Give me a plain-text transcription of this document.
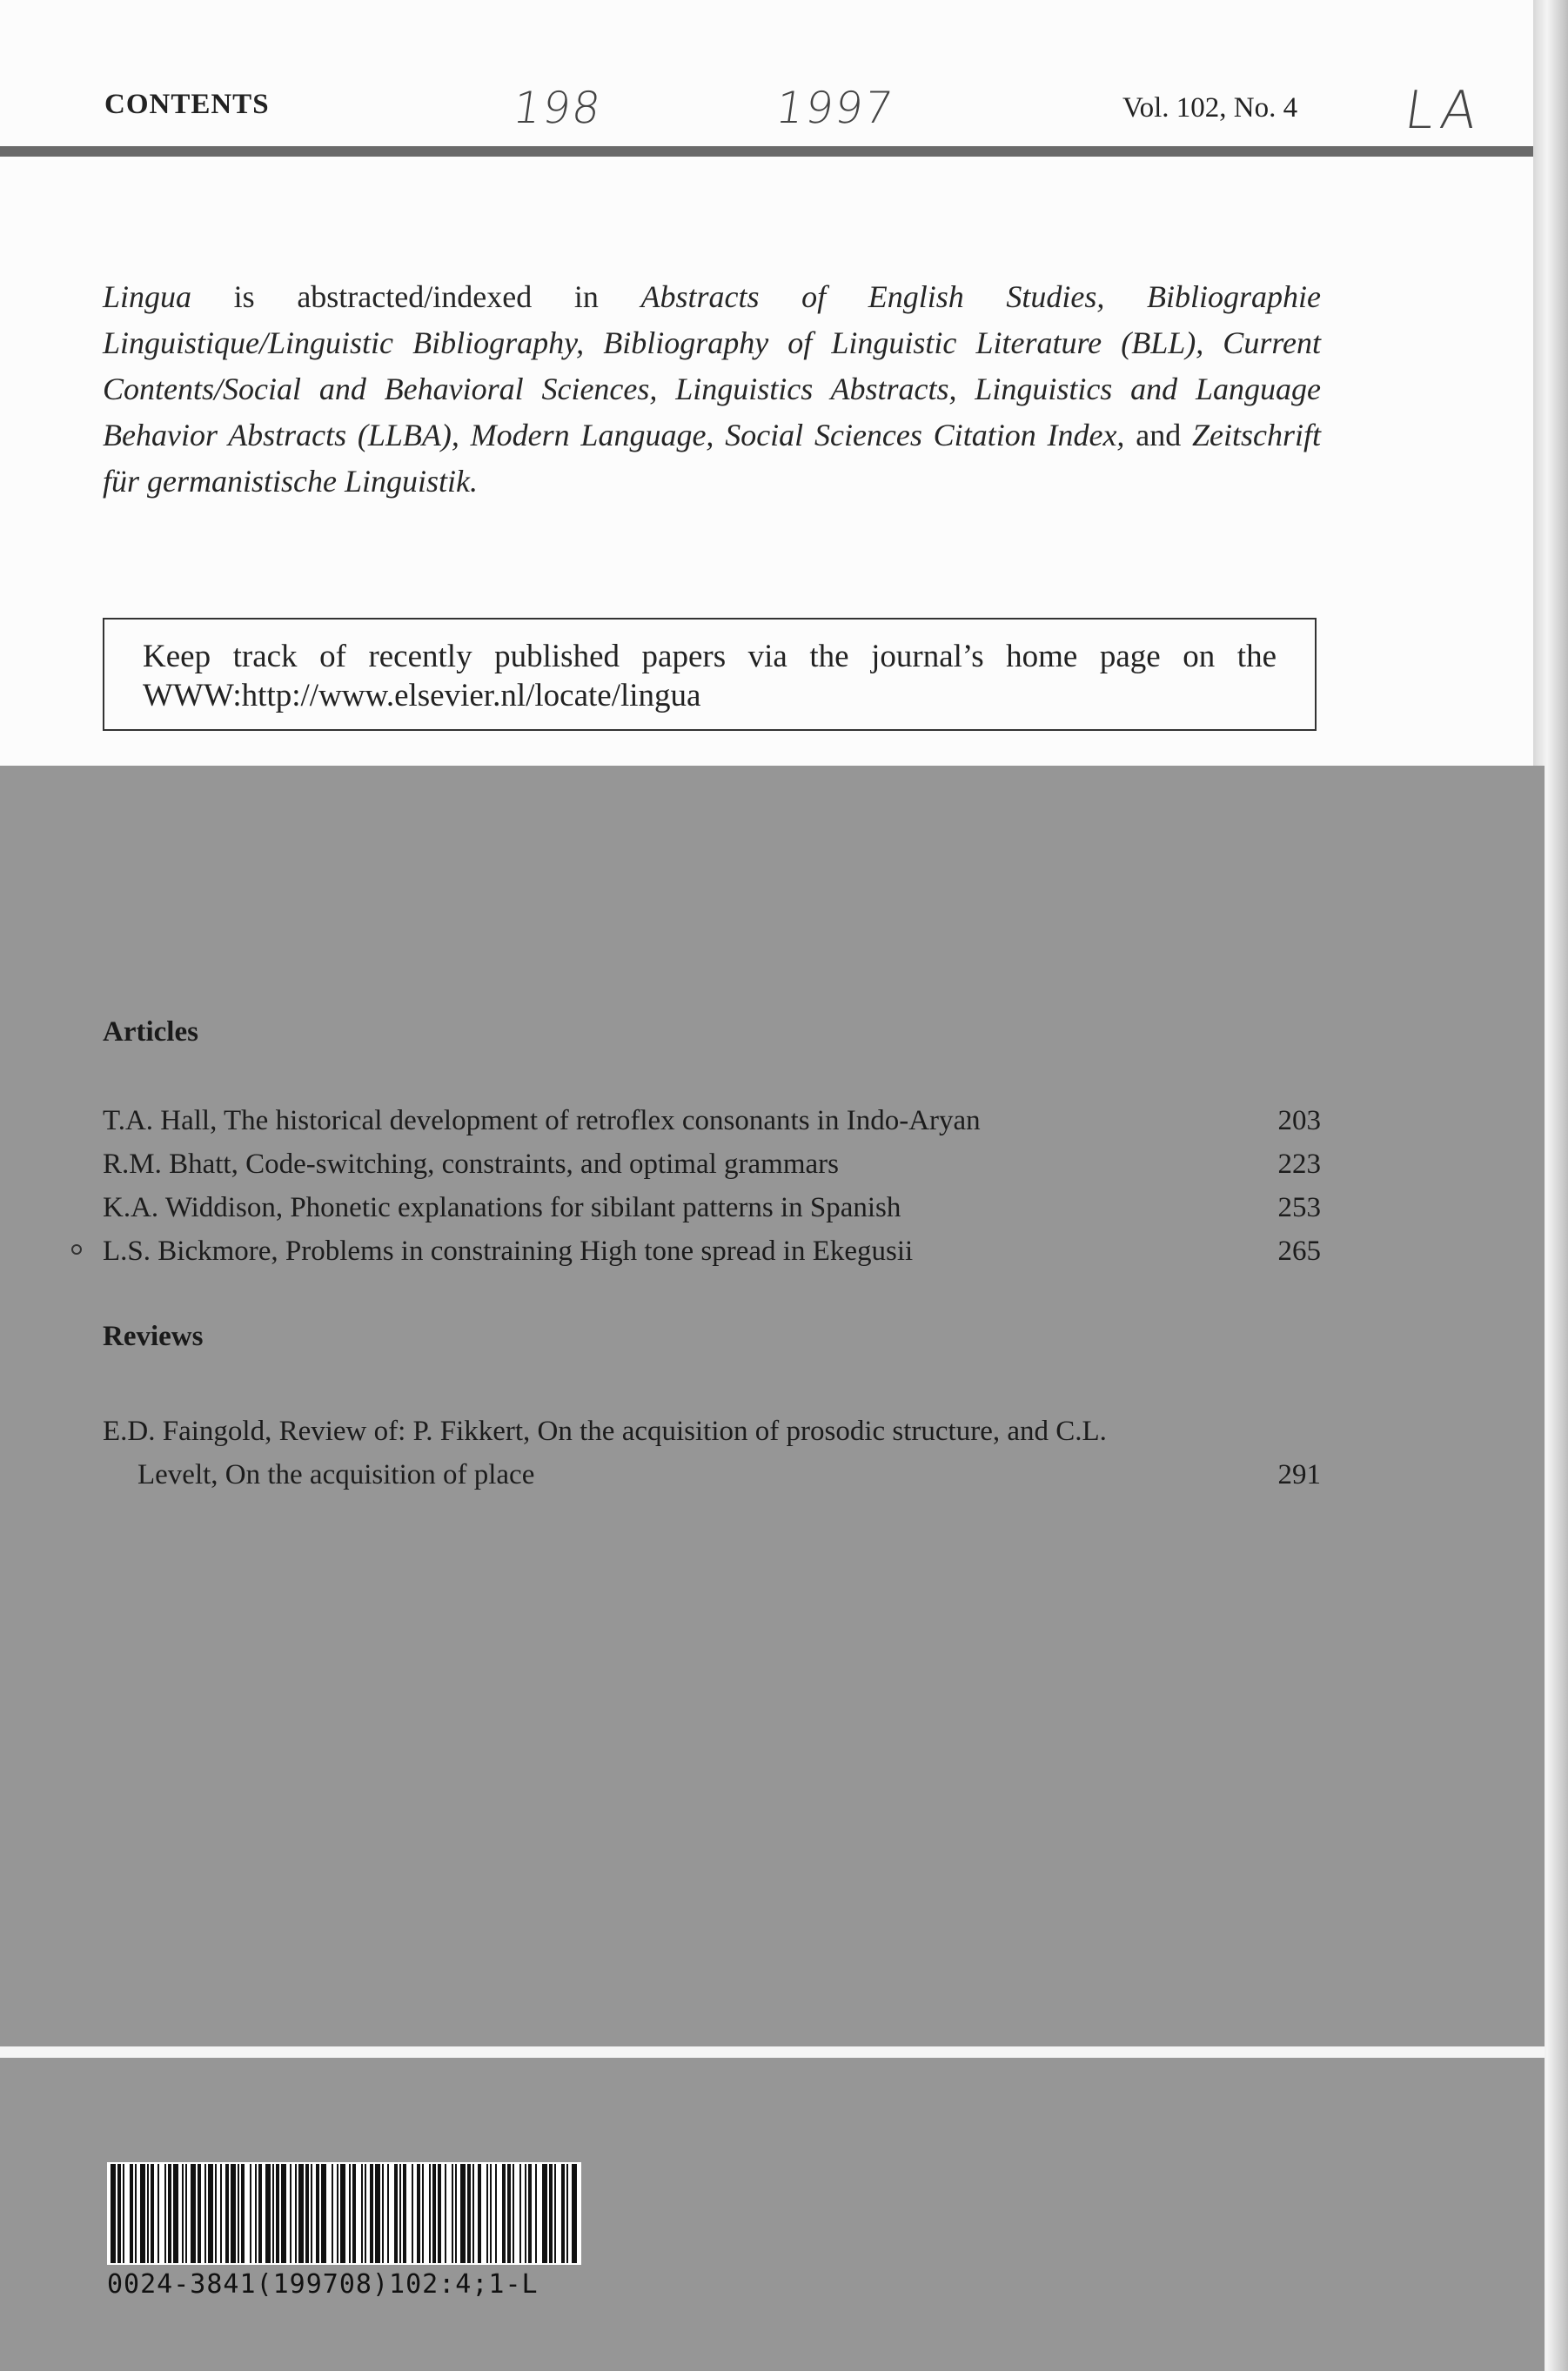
CONTENTS	198	1997	Vol. 102, No. 4 LA

Lingua is abstracted/indexed in Abstracts of English Studies, Bibliographie Linguistique/Linguistic Bibliography, Bibliography of Linguistic Literature (BLL), Current Contents/Social and Behavioral Sciences, Linguistics Abstracts, Linguistics and Language Behavior Abstracts (LLBA), Modern Language, Social Sciences Citation Index, and Zeitschrift für germanistische Linguistik.

Keep track of recently published papers via the journal’s home page on the WWW:http://www.elsevier.nl/locate/lingua
Articles
T.A. Hall, The historical development of retroflex consonants in Indo-Aryan	203
R.M. Bhatt, Code-switching, constraints, and optimal grammars	223
K.A. Widdison, Phonetic explanations for sibilant patterns in Spanish	253
L.S. Bickmore, Problems in constraining High tone spread in Ekegusii	265
Reviews
E.D. Faingold, Review of: P. Fikkert, On the acquisition of prosodic structure, and C.L.
Levelt, On the acquisition of place	291
0024-3841(199708)102:4;1-L
